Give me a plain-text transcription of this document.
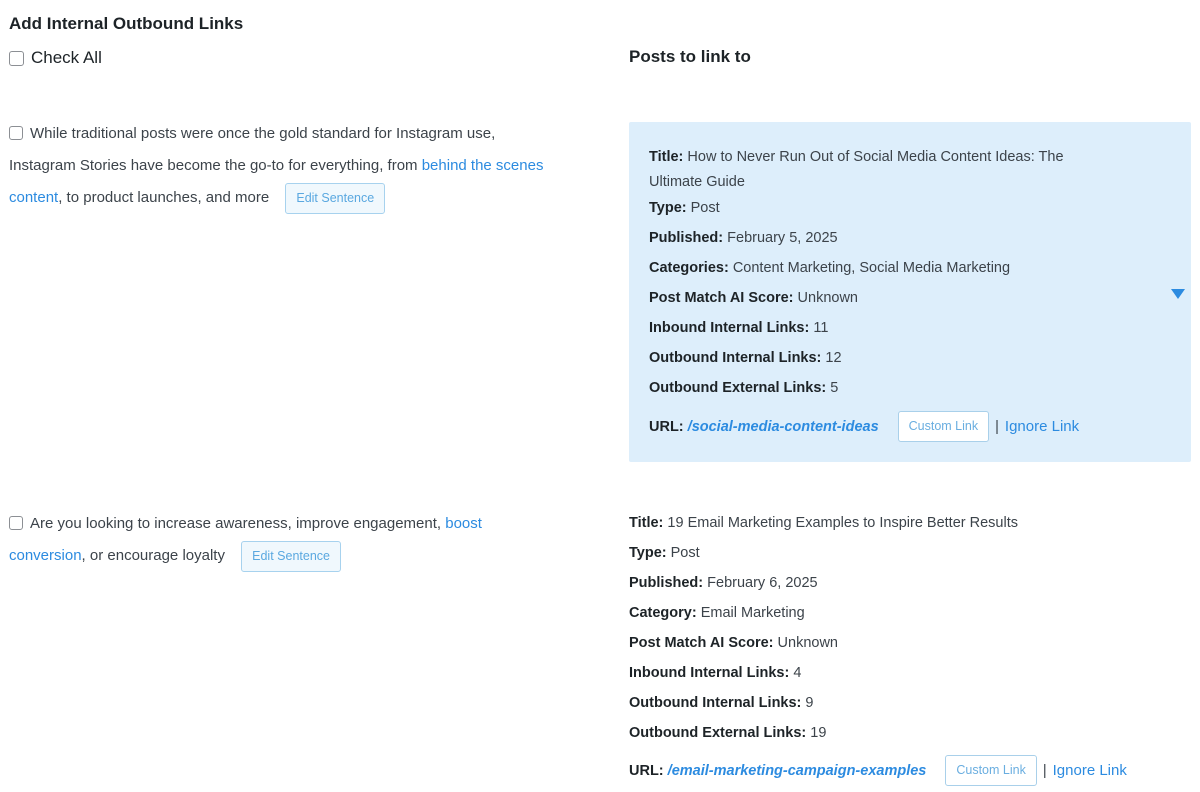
Add Internal Outbound Links
Check All	Posts to link to
While traditional posts were once the gold standard for Instagram use, Instagram Stories have become the go-to for everything, from behind the scenes content, to product launches, and more Edit Sentence
Title: How to Never Run Out of Social Media Content Ideas: The Ultimate Guide
Type: Post
Published: February 5, 2025
Categories: Content Marketing, Social Media Marketing
Post Match AI Score: Unknown
Inbound Internal Links: 11
Outbound Internal Links: 12
Outbound External Links: 5
URL:
/social-media-content-ideas	Custom Link	| Ignore Link
Are you looking to increase awareness, improve engagement, boost conversion, or encourage loyalty Edit Sentence
Title: 19 Email Marketing Examples to Inspire Better Results
Type: Post
Published: February 6, 2025
Category: Email Marketing
Post Match AI Score: Unknown
Inbound Internal Links: 4
Outbound Internal Links: 9
Outbound External Links: 19
URL:
/email-marketing-campaign-examples	Custom Link	| Ignore Link
